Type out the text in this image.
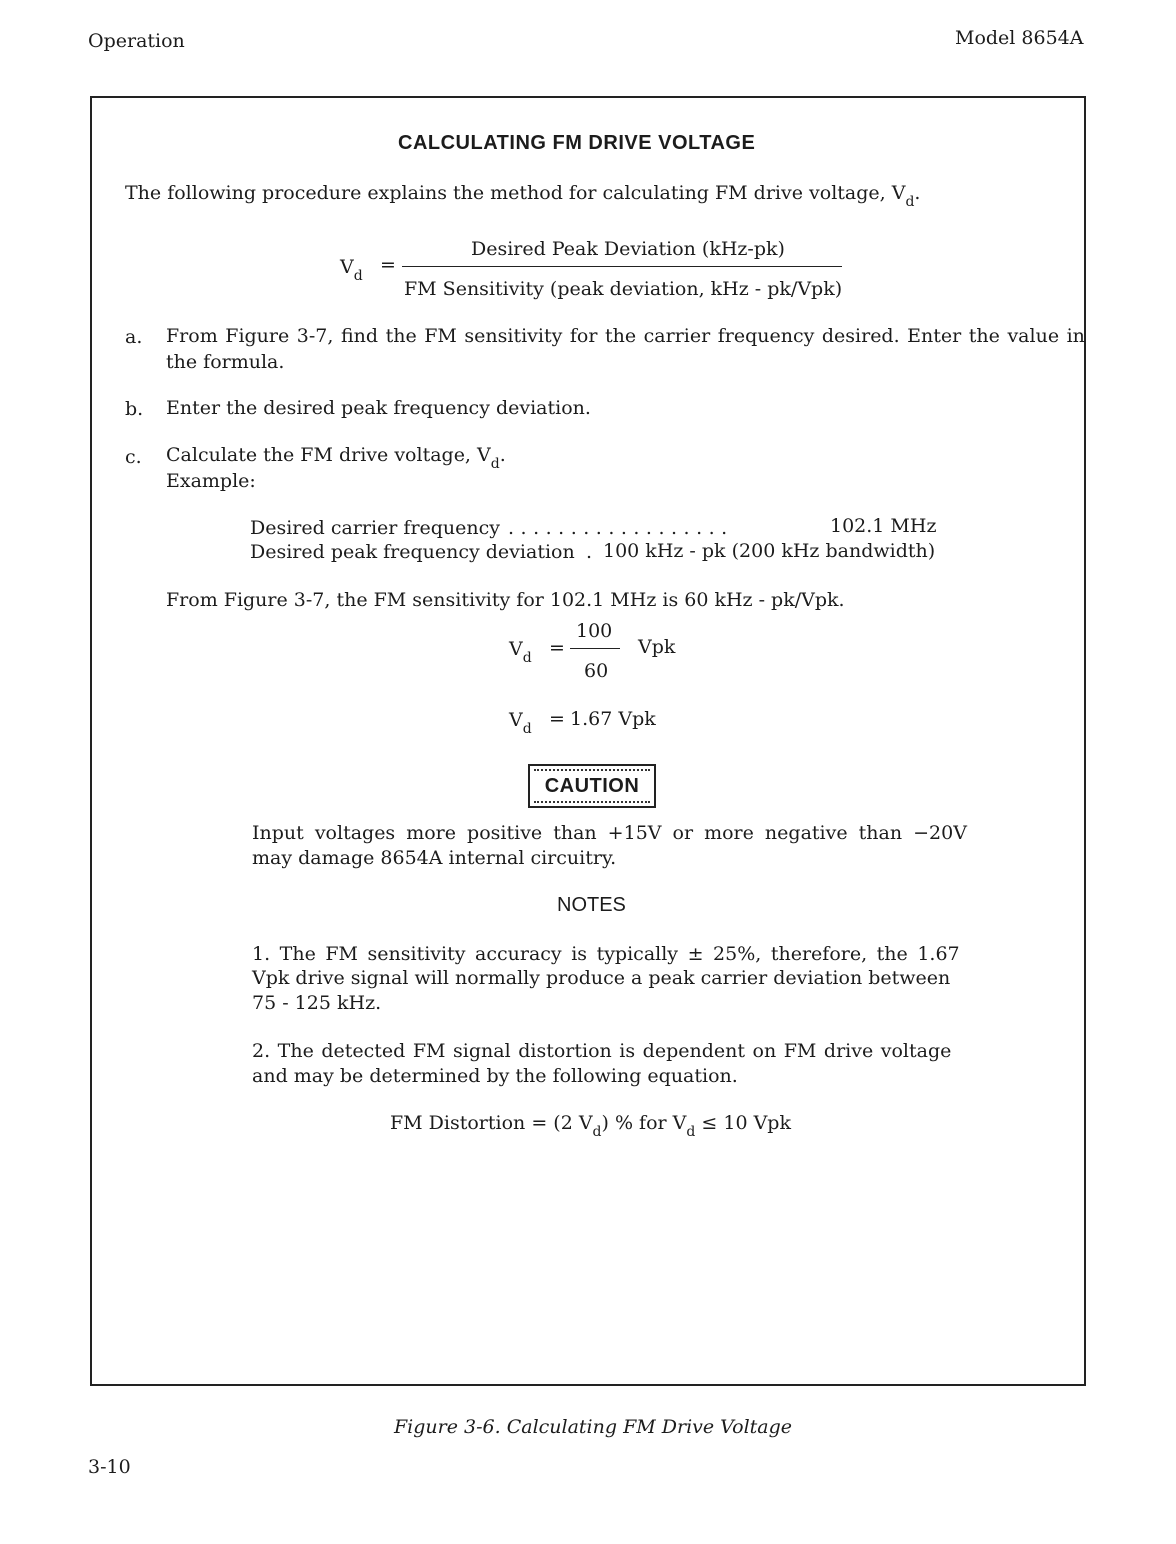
Operation	Model 8654A
CALCULATING FM DRIVE VOLTAGE
The following procedure explains the method for calculating FM drive voltage, $V_d$.
$V_d$ =
Desired Peak Deviation (kHz-pk)
FM Sensitivity (peak deviation, kHz - pk/Vpk)
a. From Figure 3-7, find the FM sensitivity for the carrier frequency desired. Enter the value in
the formula.
b. Enter the desired peak frequency deviation.
c. Calculate the FM drive voltage, $V_d$.
Example:
Desired carrier frequency ..................	102.1 MHz
Desired peak frequency deviation . 100 kHz - pk (200 kHz bandwidth)
From Figure 3-7, the FM sensitivity for 102.1 MHz is 60 kHz - pk/Vpk.
$V_d$ =
100
60
Vpk
$V_d = 1.67$ Vpk
CAUTION
Input voltages more positive than +15V or more negative than −20V
may damage 8654A internal circuitry.
NOTES
1. The FM sensitivity accuracy is typically ± 25%, therefore, the 1.67
Vpk drive signal will normally produce a peak carrier deviation between
75 - 125 kHz.
2. The detected FM signal distortion is dependent on FM drive voltage
and may be determined by the following equation.
FM Distortion = (2 $V_d$) % for $V_d \le 10$ Vpk
Figure 3-6. Calculating FM Drive Voltage
3-10
